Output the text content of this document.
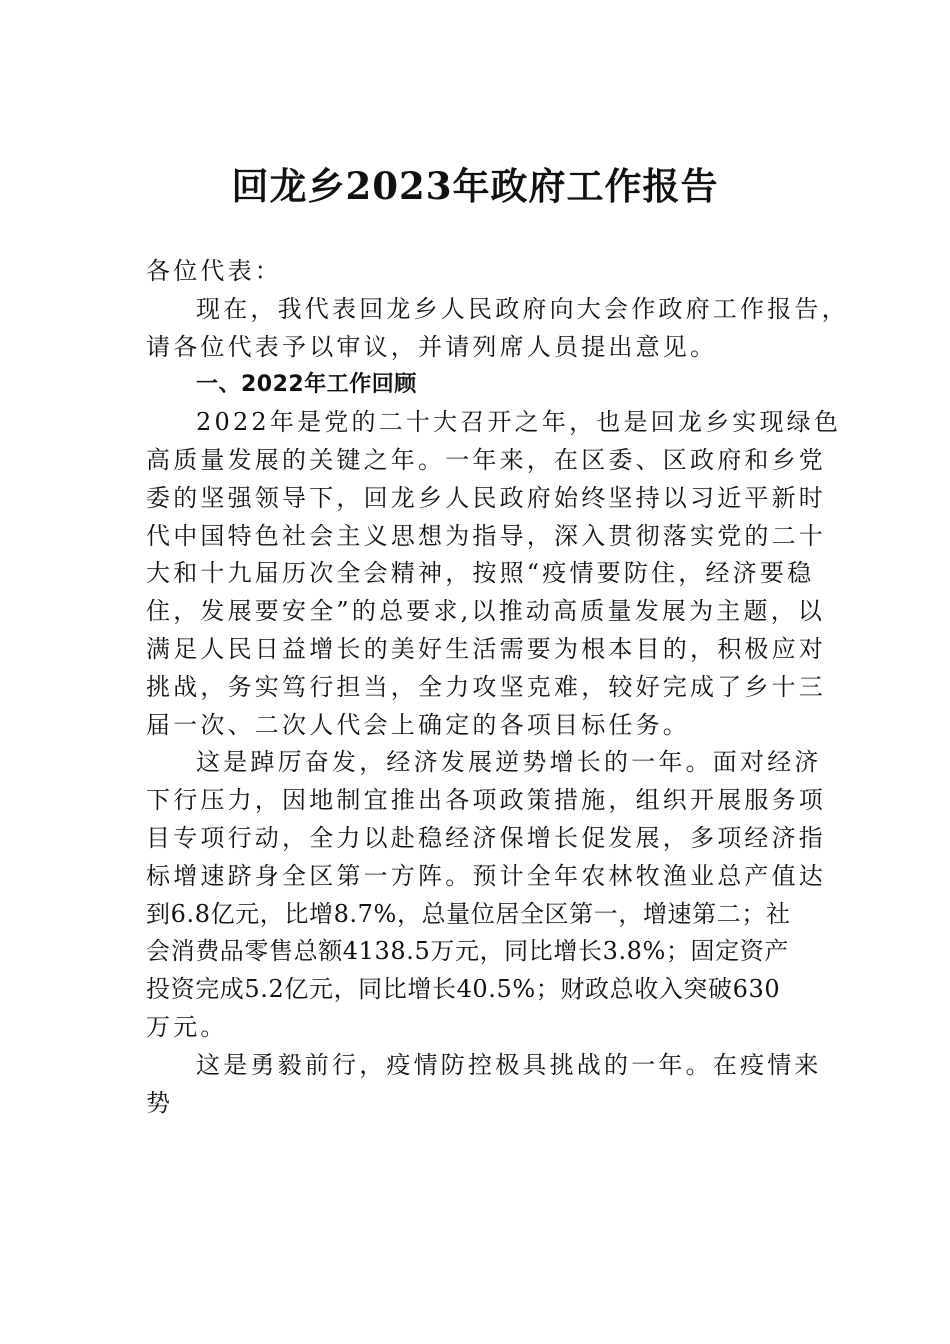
回龙乡2023年政府工作报告
各位代表：
现在，我代表回龙乡人民政府向大会作政府工作报告，
请各位代表予以审议，并请列席人员提出意见。
一、2022年工作回顾
2022年是党的二十大召开之年，也是回龙乡实现绿色
高质量发展的关键之年。一年来，在区委、区政府和乡党
委的坚强领导下，回龙乡人民政府始终坚持以习近平新时
代中国特色社会主义思想为指导，深入贯彻落实党的二十
大和十九届历次全会精神，按照“疫情要防住，经济要稳
住，发展要安全”的总要求,以推动高质量发展为主题，以
满足人民日益增长的美好生活需要为根本目的，积极应对
挑战，务实笃行担当，全力攻坚克难，较好完成了乡十三
届一次、二次人代会上确定的各项目标任务。
这是踔厉奋发，经济发展逆势增长的一年。面对经济
下行压力，因地制宜推出各项政策措施，组织开展服务项
目专项行动，全力以赴稳经济保增长促发展，多项经济指
标增速跻身全区第一方阵。预计全年农林牧渔业总产值达
到6.8亿元，比增8.7%，总量位居全区第一，增速第二；社
会消费品零售总额4138.5万元，同比增长3.8%；固定资产
投资完成5.2亿元，同比增长40.5%；财政总收入突破630
万元。
这是勇毅前行，疫情防控极具挑战的一年。在疫情来
势
